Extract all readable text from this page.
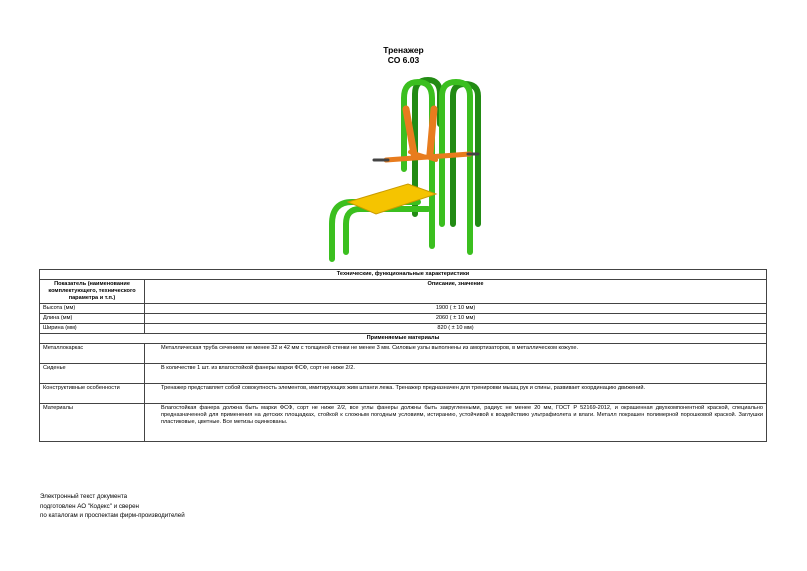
Тренажер
СО 6.03
Технические, функциональные характеристики	
Показатель (наименование комплектующего, технического параметра и т.п.)	Описание, значение
Высота (мм)	1900 ( ± 10 мм)
Длина (мм)	2060 ( ± 10 мм)
Ширина (мм)	820 ( ± 10 мм)
Применяемые материалы	
Металлокаркас	Металлическая труба сечением не менее 32 и 42 мм с толщиной стенки не менее 3 мм. Силовые узлы выполнены из амортизаторов, в металлическом кожухе.
Сиденье	В количестве 1 шт. из влагостойкой фанеры марки ФСФ, сорт не ниже 2/2.
Конструктивные особенности	Тренажер представляет собой совокупность элементов, имитирующих жим штанги лежа. Тренажер предназначен для тренировки мышц рук и спины, развивает координацию движений.
Материалы	Влагостойкая фанера должна быть марки ФСФ, сорт не ниже 2/2, все углы фанеры должны быть закругленными, радиус не менее 20 мм, ГОСТ Р 52169-2012, и окрашенная двухкомпонентной краской, специально предназначенной для применения на детских площадках, стойкой к сложным погодным условиям, истиранию, устойчивой к воздействию ультрафиолета и влаги. Металл покрашен полимерной порошковой краской. Заглушки пластиковые, цветные. Все метизы оцинкованы.
Электронный текст документа
подготовлен АО "Кодекс" и сверен
по каталогам и проспектам фирм-производителей
